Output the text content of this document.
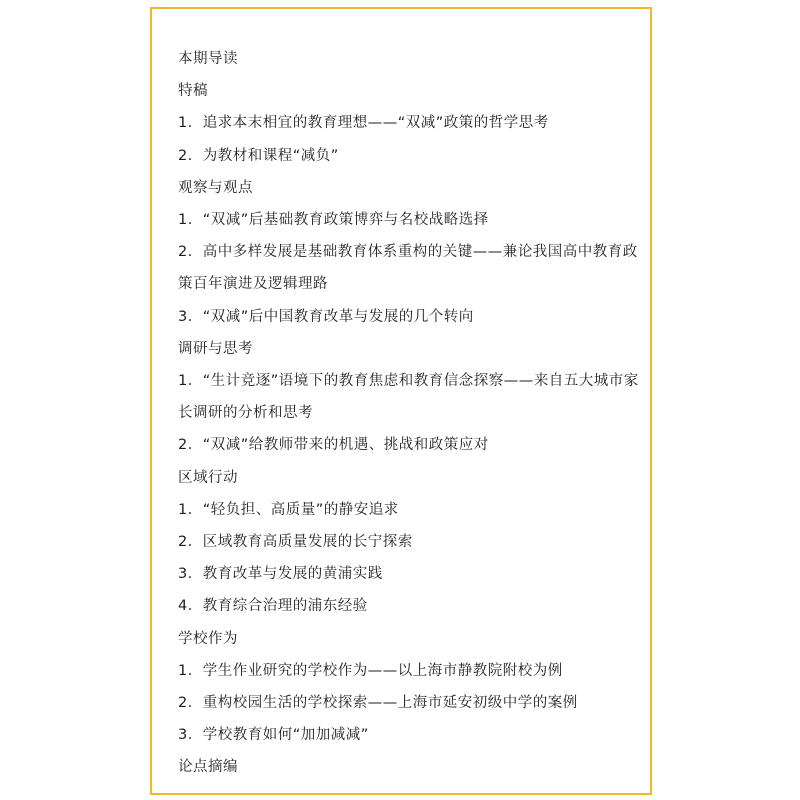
本期导读
特稿
1．追求本末相宜的教育理想——“双减”政策的哲学思考
2．为教材和课程“减负”
观察与观点
1．“双减”后基础教育政策博弈与名校战略选择
2．高中多样发展是基础教育体系重构的关键——兼论我国高中教育政策百年演进及逻辑理路
3．“双减”后中国教育改革与发展的几个转向
调研与思考
1．“生计竞逐”语境下的教育焦虑和教育信念探察——来自五大城市家长调研的分析和思考
2．“双减”给教师带来的机遇、挑战和政策应对
区域行动
1．“轻负担、高质量”的静安追求
2．区域教育高质量发展的长宁探索
3．教育改革与发展的黄浦实践
4．教育综合治理的浦东经验
学校作为
1．学生作业研究的学校作为——以上海市静教院附校为例
2．重构校园生活的学校探索——上海市延安初级中学的案例
3．学校教育如何“加加减减”
论点摘编
